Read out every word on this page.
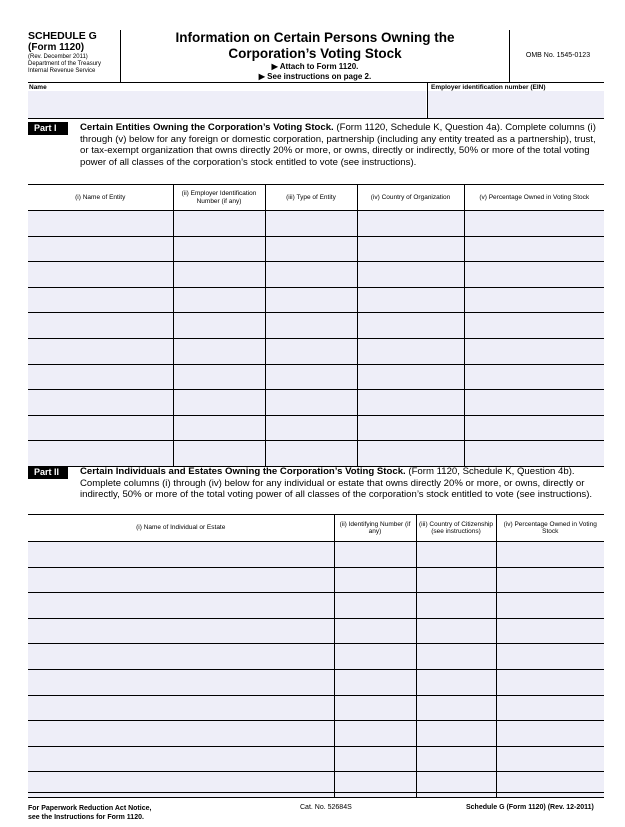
SCHEDULE G
(Form 1120)
(Rev. December 2011)
Department of the Treasury
Internal Revenue Service
Information on Certain Persons Owning the
Corporation’s Voting Stock
▶ Attach to Form 1120.
▶ See instructions on page 2.
OMB No. 1545-0123
Name	Employer identification number (EIN)
Part I	Certain Entities Owning the Corporation’s Voting Stock. (Form 1120, Schedule K, Question 4a). Complete columns (i) through (v) below for any foreign or domestic corporation, partnership (including any entity treated as a partnership), trust, or tax-exempt organization that owns directly 20% or more, or owns, directly or indirectly, 50% or more of the total voting power of all classes of the corporation’s stock entitled to vote (see instructions).
(i) Name of Entity	(ii) Employer Identification Number (if any)	(iii) Type of Entity	(iv) Country of Organization	(v) Percentage Owned in Voting Stock

Part II	Certain Individuals and Estates Owning the Corporation’s Voting Stock. (Form 1120, Schedule K, Question 4b). Complete columns (i) through (iv) below for any individual or estate that owns directly 20% or more, or owns, directly or indirectly, 50% or more of the total voting power of all classes of the corporation’s stock entitled to vote (see instructions).
(i) Name of Individual or Estate	(ii) Identifying Number (if any)	(iii) Country of Citizenship (see instructions)	(iv) Percentage Owned in Voting Stock

For Paperwork Reduction Act Notice,
see the Instructions for Form 1120.
Cat. No. 52684S	Schedule G (Form 1120) (Rev. 12-2011)
